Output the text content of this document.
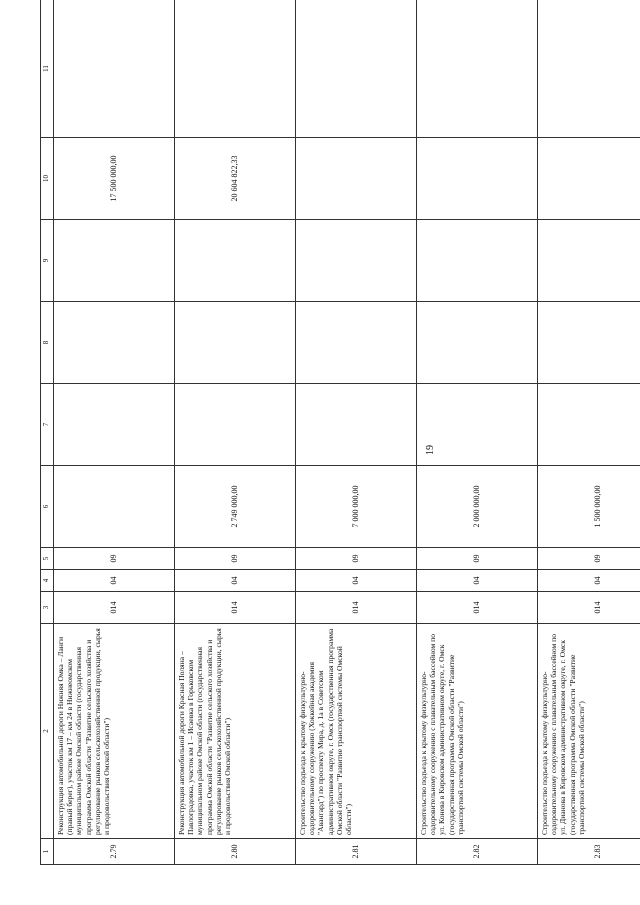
19
1	2	3	4	5	6	7	8	9	10	11
2.79	Реконструкция автомобильной дороги Нижняя Омка – Ланги (правый берег), участок км 17 – км 24 в Нижнеомском муниципальном районе Омской области (государственная программа Омской области "Развитие сельского хозяйства и регулирование рынков сельскохозяйственной продукции, сырья и продовольствия Омской области")	014	04	09					17 500 000,00	
2.80	Реконструкция автомобильной дороги Красная Поляна – Павлоградовка, участок км 1 – Исаевка в Горьковском муниципальном районе Омской области (государственная программа Омской области "Развитие сельского хозяйства и регулирование рынков сельскохозяйственной продукции, сырья и продовольствия Омской области")	014	04	09	2 749 000,00				20 604 822,33	
2.81	Строительство подъезда к крытому физкультурно-оздоровительному сооружению (Хоккейная академия "Авангард") по проспекту Мира, д. 1а в Советском административном округе, г. Омск (государственная программа Омской области "Развитие транспортной системы Омской области")	014	04	09	7 000 000,00					
2.82	Строительство подъезда к крытому физкультурно-оздоровительному сооружению с плавательным бассейном по ул. Конева в Кировском административном округе, г. Омск (государственная программа Омской области "Развитие транспортной системы Омской области")	014	04	09	2 000 000,00					
2.83	Строительство подъезда к крытому физкультурно-оздоровительному сооружению с плавательным бассейном по ул. Дианова в Кировском административном округе, г. Омск (государственная программа Омской области "Развитие транспортной системы Омской области")	014	04	09	1 500 000,00					
